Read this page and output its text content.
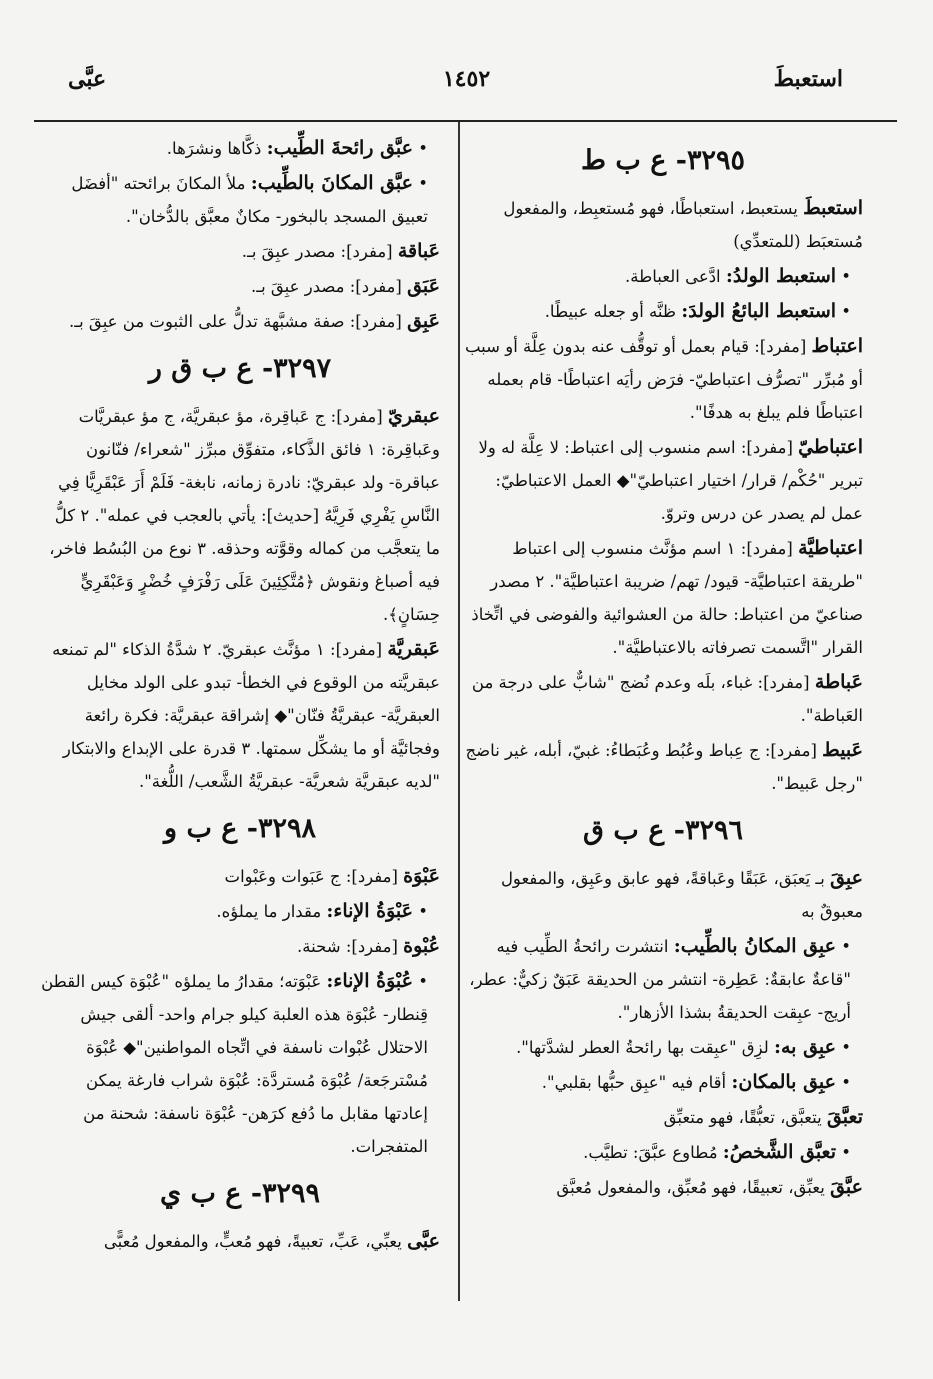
استعبطَ
١٤٥٢
عبَّى
٣٢٩٥- ع ب ط
استعبطَ يستعبط، استعباطًا، فهو مُستعبِط، والمفعول مُستعبَط (للمتعدِّي)
• استعبط الولدُ: ادَّعى العباطة.
• استعبط البائعُ الولدَ: ظنَّه أو جعله عبيطًا.
اعتباط [مفرد]: قيام بعمل أو توقُّف عنه بدون عِلَّة أو سبب أو مُبرِّر "تصرُّف اعتباطيّ- فرَض رأيَه اعتباطًا- قام بعمله اعتباطًا فلم يبلغ به هدفًا".
اعتباطيّ [مفرد]: اسم منسوب إلى اعتباط: لا عِلَّة له ولا تبرير "حُكْم/ قرار/ اختيار اعتباطيّ"◆ العمل الاعتباطيّ: عمل لم يصدر عن درس وتروّ.
اعتباطيَّة [مفرد]: ١ اسم مؤنَّث منسوب إلى اعتباط "طريقة اعتباطيَّة- قيود/ تهم/ ضريبة اعتباطيَّة". ٢ مصدر صناعيّ من اعتباط: حالة من العشوائية والفوضى في اتِّخاذ القرار "اتَّسمت تصرفاته بالاعتباطيَّة".
عَباطة [مفرد]: غباء، بلَه وعدم نُضج "شابٌّ على درجة من العَباطة".
عَبيط [مفرد]: ج عِباط وعُبُط وعُبَطاءُ: غبيّ، أبله، غير ناضج "رجل عَبيط".
٣٢٩٦- ع ب ق
عبِقَ بـ يَعبَق، عَبَقًا وعَباقةً، فهو عابق وعَبِق، والمفعول معبوقٌ به
• عبِق المكانُ بالطِّيب: انتشرت رائحةُ الطِّيب فيه "قاعةٌ عابقةٌ: عَطِرة- انتشر من الحديقة عَبَقٌ زكيٌّ: عطر، أريج- عبِقت الحديقةُ بشذا الأزهار".
• عبِق به: لزِق "عبِقت بها رائحةُ العطر لشدَّتها".
• عبِق بالمكان: أقام فيه "عبِق حبُّها بقلبي".
تعبَّقَ يتعبَّق، تعبُّقًا، فهو متعبِّق
• تعبَّق الشَّخصُ: مُطاوع عبَّقَ: تطيَّب.
عبَّقَ يعبِّق، تعبيقًا، فهو مُعبِّق، والمفعول مُعبَّق
• عبَّق رائحةَ الطِّيب: ذكَّاها ونشرَها.
• عبَّق المكانَ بالطِّيب: ملأ المكانَ برائحته "أفضَل تعبيق المسجد بالبخور- مكانٌ معبَّق بالدُّخان".
عَباقة [مفرد]: مصدر عبِقَ بـ.
عَبَق [مفرد]: مصدر عبِقَ بـ.
عَبِق [مفرد]: صفة مشبَّهة تدلُّ على الثبوت من عبِقَ بـ.
٣٢٩٧- ع ب ق ر
عبقريّ [مفرد]: ج عَباقِرة، مؤ عبقريَّة، ج مؤ عبقريَّات وعَباقِرة: ١ فائق الذَّكاء، متفوِّق مبرِّز "شعراء/ فنّانون عباقرة- ولد عبقريّ: نادرة زمانه، نابغة- فَلَمْ أَرَ عَبْقَرِيًّا فِي النَّاسِ يَفْرِي فَرِيَّهُ [حديث]: يأتي بالعجب في عمله". ٢ كلُّ ما يتعجَّب من كماله وقوَّته وحذقه. ٣ نوع من البُسُط فاخر، فيه أصباغ ونقوش ﴿مُتَّكِئِينَ عَلَى رَفْرَفٍ خُضْرٍ وَعَبْقَرِيٍّ حِسَانٍ﴾.
عَبقريَّة [مفرد]: ١ مؤنَّث عبقريّ. ٢ شدَّةُ الذكاء "لم تمنعه عبقريَّته من الوقوع في الخطأ- تبدو على الولد مخايل العبقريَّة- عبقريَّةُ فنّان"◆ إشراقة عبقريَّة: فكرة رائعة وفجائيَّة أو ما يشكِّل سمتها. ٣ قدرة على الإبداع والابتكار "لديه عبقريَّة شعريَّة- عبقريَّةُ الشَّعب/ اللُّغة".
٣٢٩٨- ع ب و
عَبْوَة [مفرد]: ج عَبَوات وعَبْوات
• عَبْوَةُ الإناء: مقدار ما يملؤه.
عُبْوة [مفرد]: شحنة.
• عُبْوَةُ الإناء: عَبْوَته؛ مقدارُ ما يملؤه "عُبْوَة كيس القطن قِنطار- عُبْوَة هذه العلبة كيلو جرام واحد- ألقى جيش الاحتلال عُبْوات ناسفة في اتِّجاه المواطنين"◆ عُبْوَة مُسْترجَعة/ عُبْوَة مُستردَّة: عُبْوَة شراب فارغة يمكن إعادتها مقابل ما دُفع كرَهن- عُبْوَة ناسفة: شحنة من المتفجرات.
٣٢٩٩- ع ب ي
عبَّى يعبِّي، عَبِّ، تعبيةً، فهو مُعبٍّ، والمفعول مُعبًّى
